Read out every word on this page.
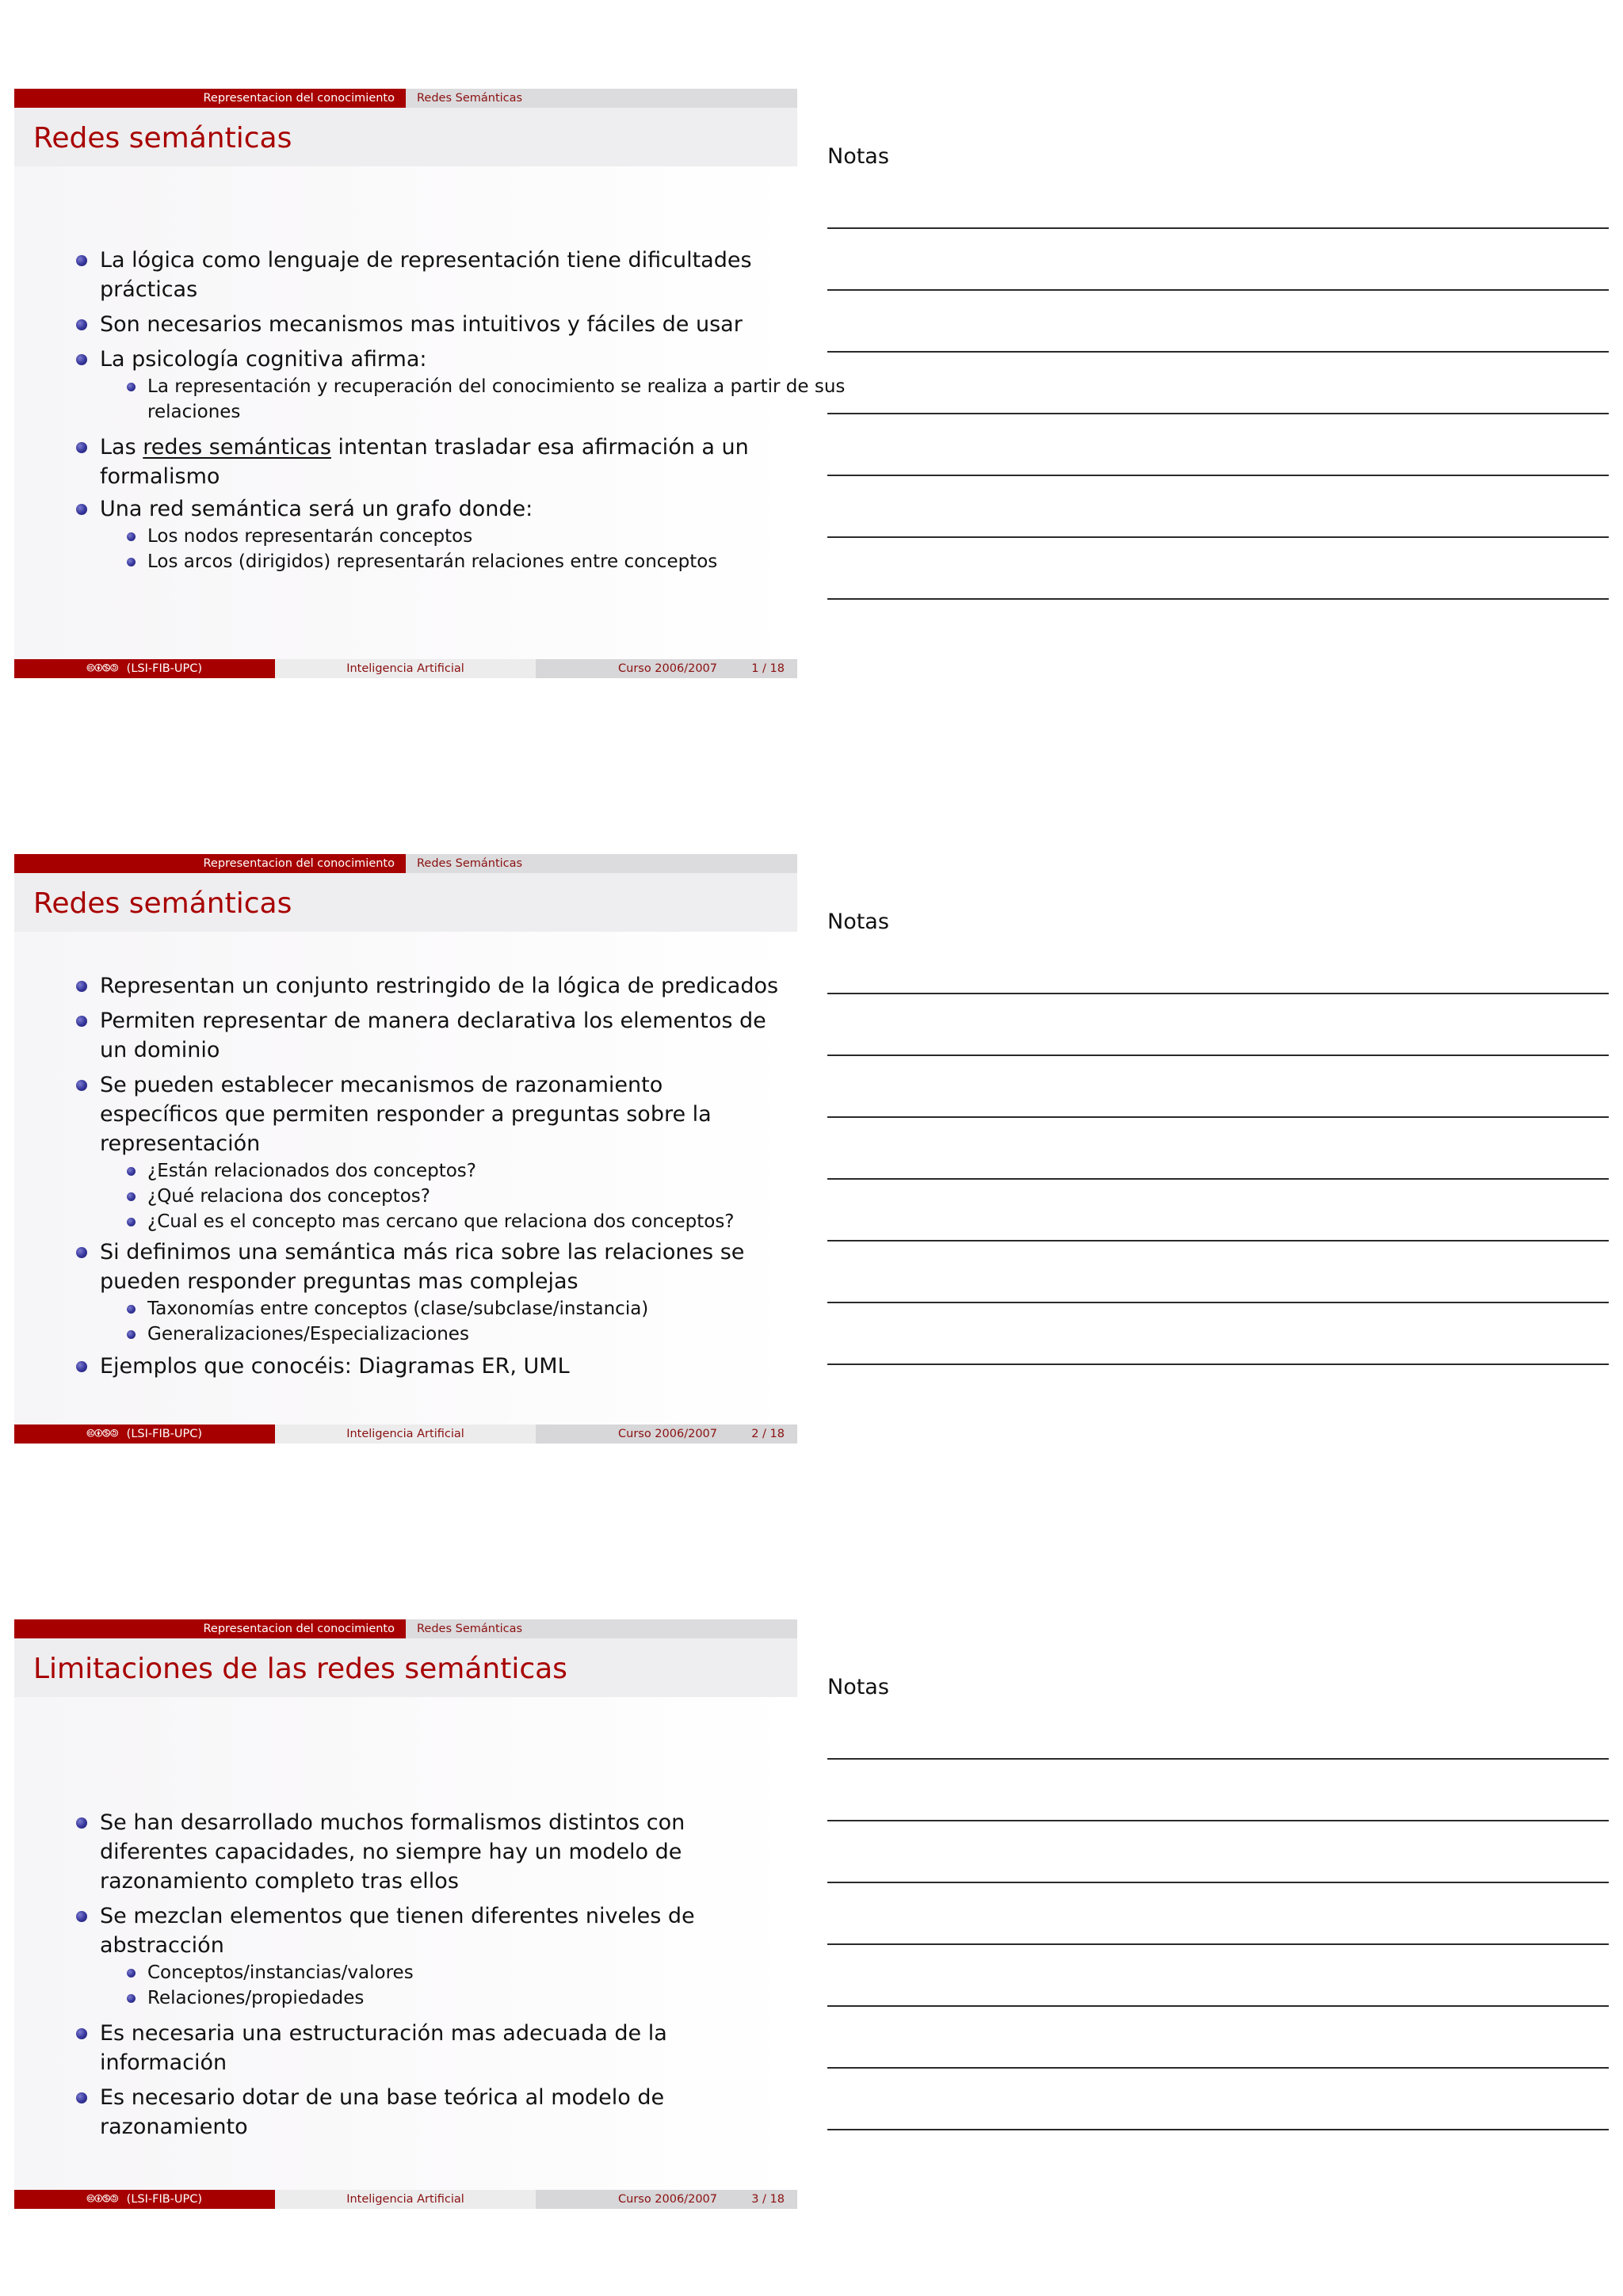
Representacion del conocimiento	Redes Semánticas
Redes semánticas
La lógica como lenguaje de representación tiene dificultades prácticas
Son necesarios mecanismos mas intuitivos y fáciles de usar
La psicología cognitiva afirma:
La representación y recuperación del conocimiento se realiza a partir de sus relaciones
Las redes semánticas intentan trasladar esa afirmación a un formalismo
Una red semántica será un grafo donde:
Los nodos representarán conceptos
Los arcos (dirigidos) representarán relaciones entre conceptos
🅭🅯🄏🄎 (LSI-FIB-UPC)	Inteligencia Artificial	Curso 2006/2007	1 / 18
Notas
Representacion del conocimiento	Redes Semánticas
Redes semánticas
Representan un conjunto restringido de la lógica de predicados
Permiten representar de manera declarativa los elementos de un dominio
Se pueden establecer mecanismos de razonamiento específicos que permiten responder a preguntas sobre la representación
¿Están relacionados dos conceptos?
¿Qué relaciona dos conceptos?
¿Cual es el concepto mas cercano que relaciona dos conceptos?
Si definimos una semántica más rica sobre las relaciones se pueden responder preguntas mas complejas
Taxonomías entre conceptos (clase/subclase/instancia)
Generalizaciones/Especializaciones
Ejemplos que conocéis: Diagramas ER, UML
🅭🅯🄏🄎 (LSI-FIB-UPC)	Inteligencia Artificial	Curso 2006/2007	2 / 18
Notas
Representacion del conocimiento	Redes Semánticas
Limitaciones de las redes semánticas
Se han desarrollado muchos formalismos distintos con diferentes capacidades, no siempre hay un modelo de razonamiento completo tras ellos
Se mezclan elementos que tienen diferentes niveles de abstracción
Conceptos/instancias/valores
Relaciones/propiedades
Es necesaria una estructuración mas adecuada de la información
Es necesario dotar de una base teórica al modelo de razonamiento
🅭🅯🄏🄎 (LSI-FIB-UPC)	Inteligencia Artificial	Curso 2006/2007	3 / 18
Notas
